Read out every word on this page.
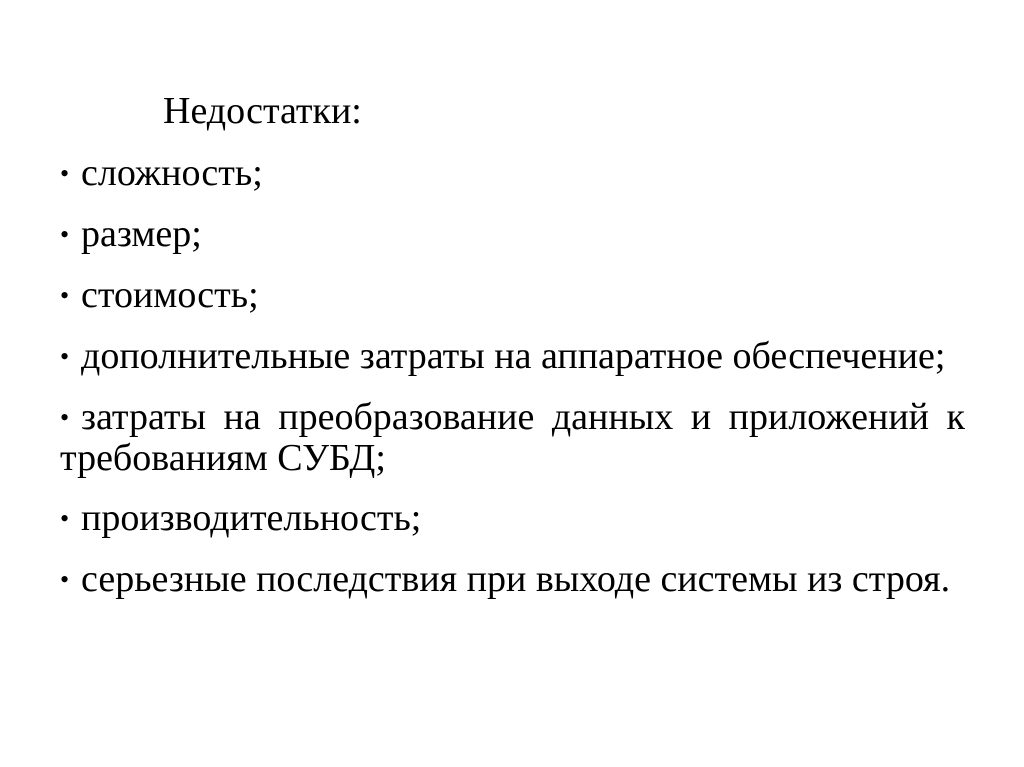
Недостатки:

• сложность;
• размер;
• стоимость;
• дополнительные затраты на аппаратное обеспечение;
• затраты на преобразование данных и приложений к требованиям СУБД;
• производительность;
• серьезные последствия при выходе системы из строя.
